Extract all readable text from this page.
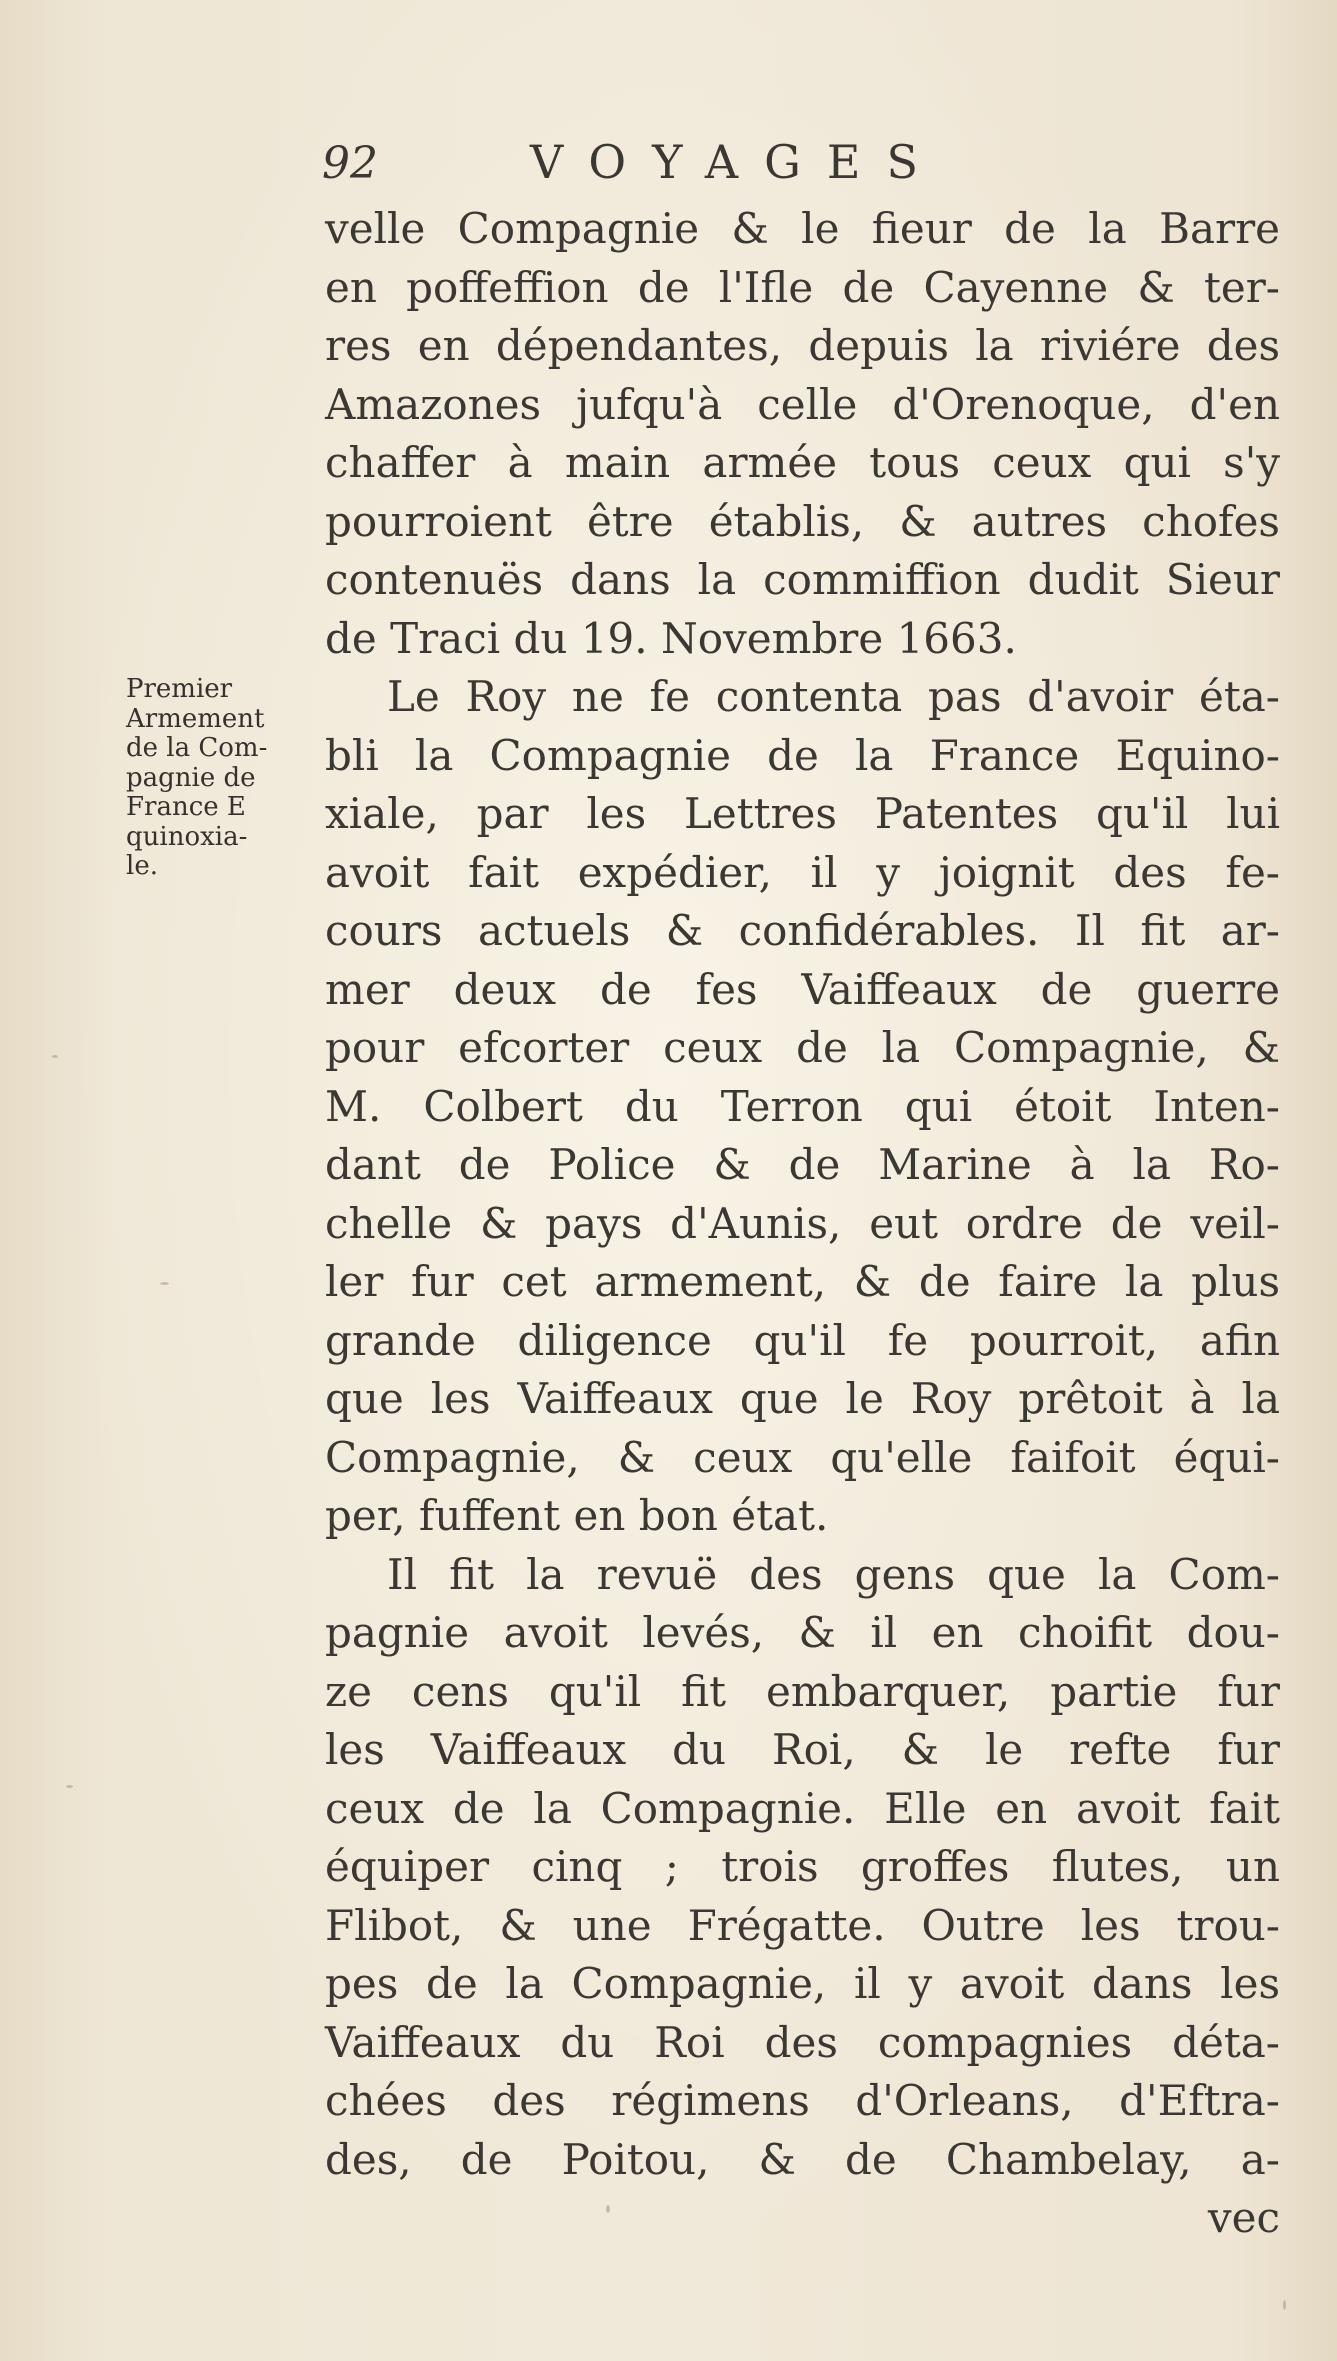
92	VOYAGES
Premier
Armement
de la Com-
pagnie de
France E
quinoxia-
le.
velle Compagnie & le fieur de la Barre
en poffeffion de l'Ifle de Cayenne & ter-
res en dépendantes, depuis la riviére des
Amazones jufqu'à celle d'Orenoque, d'en
chaffer à main armée tous ceux qui s'y
pourroient être établis, & autres chofes
contenuës dans la commiffion dudit Sieur
de Traci du 19. Novembre 1663.
Le Roy ne fe contenta pas d'avoir éta-
bli la Compagnie de la France Equino-
xiale, par les Lettres Patentes qu'il lui
avoit fait expédier, il y joignit des fe-
cours actuels & confidérables. Il fit ar-
mer deux de fes Vaiffeaux de guerre
pour efcorter ceux de la Compagnie, &
M. Colbert du Terron qui étoit Inten-
dant de Police & de Marine à la Ro-
chelle & pays d'Aunis, eut ordre de veil-
ler fur cet armement, & de faire la plus
grande diligence qu'il fe pourroit, afin
que les Vaiffeaux que le Roy prêtoit à la
Compagnie, & ceux qu'elle faifoit équi-
per, fuffent en bon état.
Il fit la revuë des gens que la Com-
pagnie avoit levés, & il en choifit dou-
ze cens qu'il fit embarquer, partie fur
les Vaiffeaux du Roi, & le refte fur
ceux de la Compagnie. Elle en avoit fait
équiper cinq ; trois groffes flutes, un
Flibot, & une Frégatte. Outre les trou-
pes de la Compagnie, il y avoit dans les
Vaiffeaux du Roi des compagnies déta-
chées des régimens d'Orleans, d'Eftra-
des, de Poitou, & de Chambelay, a-
vec
